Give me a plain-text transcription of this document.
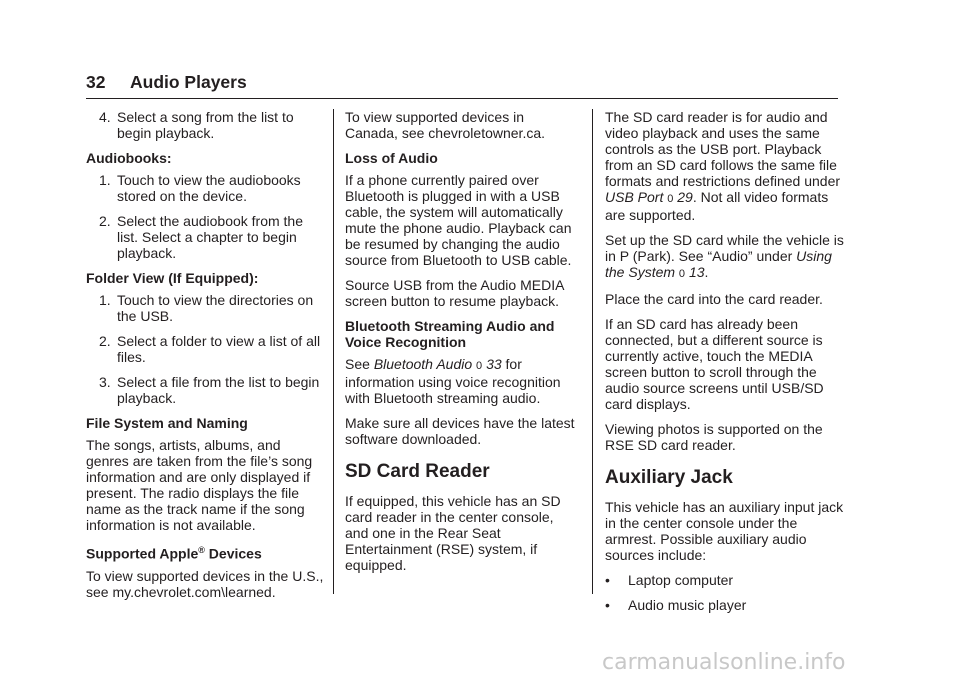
32 Audio Players
4. Select a song from the list to begin playback.

Audiobooks:

1. Touch to view the audiobooks stored on the device.
2. Select the audiobook from the list. Select a chapter to begin playback.

Folder View (If Equipped):

1. Touch to view the directories on the USB.
2. Select a folder to view a list of all files.
3. Select a file from the list to begin playback.

File System and Naming

The songs, artists, albums, and genres are taken from the file’s song information and are only displayed if present. The radio displays the file name as the track name if the song information is not available.

Supported Apple® Devices

To view supported devices in the U.S., see my.chevrolet.com\learned.

To view supported devices in Canada, see chevroletowner.ca.

Loss of Audio

If a phone currently paired over Bluetooth is plugged in with a USB cable, the system will automatically mute the phone audio. Playback can be resumed by changing the audio source from Bluetooth to USB cable.

Source USB from the Audio MEDIA screen button to resume playback.

Bluetooth Streaming Audio and Voice Recognition

See Bluetooth Audio 0 33 for information using voice recognition with Bluetooth streaming audio.

Make sure all devices have the latest software downloaded.

SD Card Reader

If equipped, this vehicle has an SD card reader in the center console, and one in the Rear Seat Entertainment (RSE) system, if equipped.

The SD card reader is for audio and video playback and uses the same controls as the USB port. Playback from an SD card follows the same file formats and restrictions defined under USB Port 0 29. Not all video formats are supported.

Set up the SD card while the vehicle is in P (Park). See “Audio” under Using the System 0 13.

Place the card into the card reader.

If an SD card has already been connected, but a different source is currently active, touch the MEDIA screen button to scroll through the audio source screens until USB/SD card displays.

Viewing photos is supported on the RSE SD card reader.

Auxiliary Jack

This vehicle has an auxiliary input jack in the center console under the armrest. Possible auxiliary audio sources include:

• Laptop computer
• Audio music player
carmanualsonline.info
